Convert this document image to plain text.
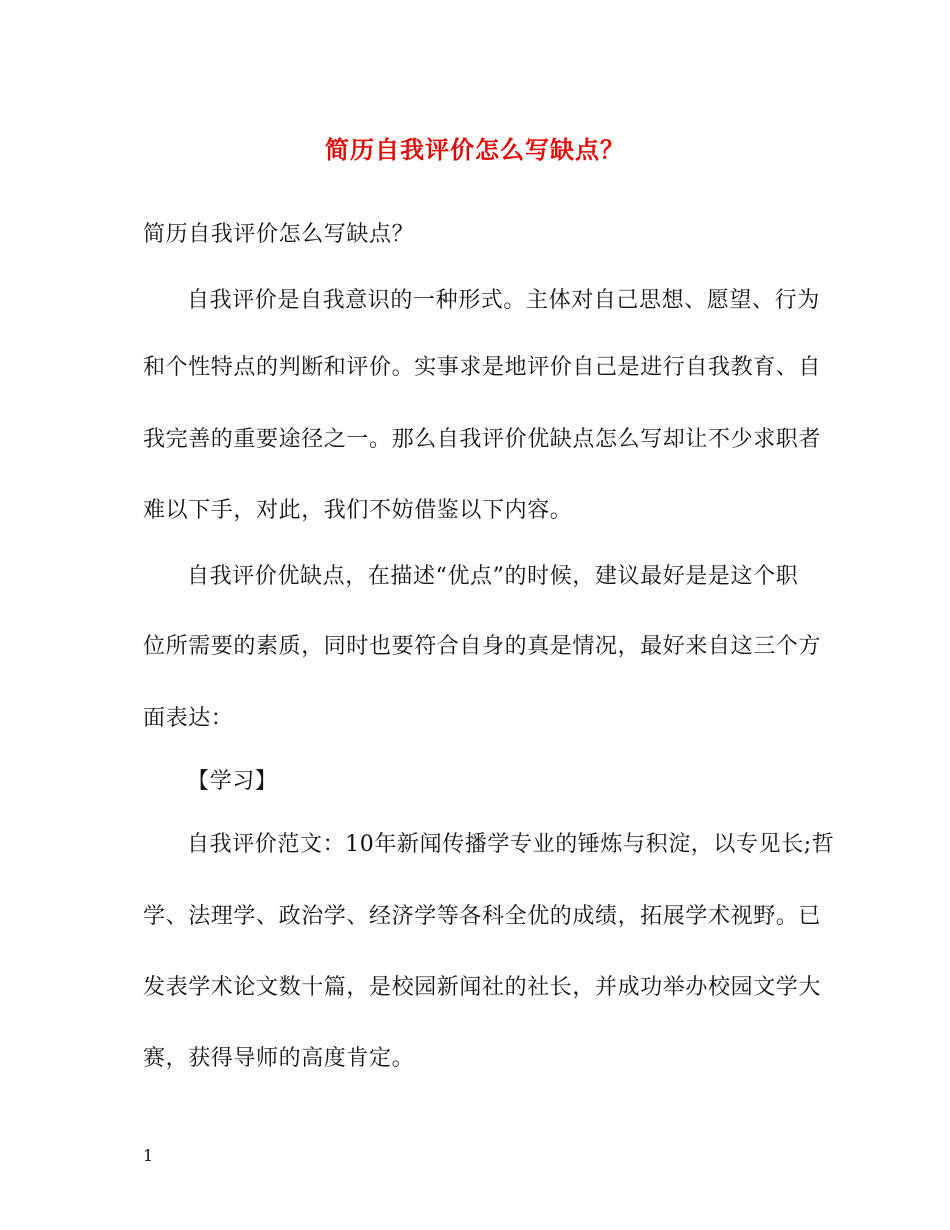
简历自我评价怎么写缺点？
简历自我评价怎么写缺点？
自我评价是自我意识的一种形式。主体对自己思想、愿望、行为
和个性特点的判断和评价。实事求是地评价自己是进行自我教育、自
我完善的重要途径之一。那么自我评价优缺点怎么写却让不少求职者
难以下手，对此，我们不妨借鉴以下内容。
自我评价优缺点，在描述“优点”的时候，建议最好是是这个职
位所需要的素质，同时也要符合自身的真是情况，最好来自这三个方
面表达：
【学习】
自我评价范文：10年新闻传播学专业的锤炼与积淀，以专见长;哲
学、法理学、政治学、经济学等各科全优的成绩，拓展学术视野。已
发表学术论文数十篇，是校园新闻社的社长，并成功举办校园文学大
赛，获得导师的高度肯定。
1
